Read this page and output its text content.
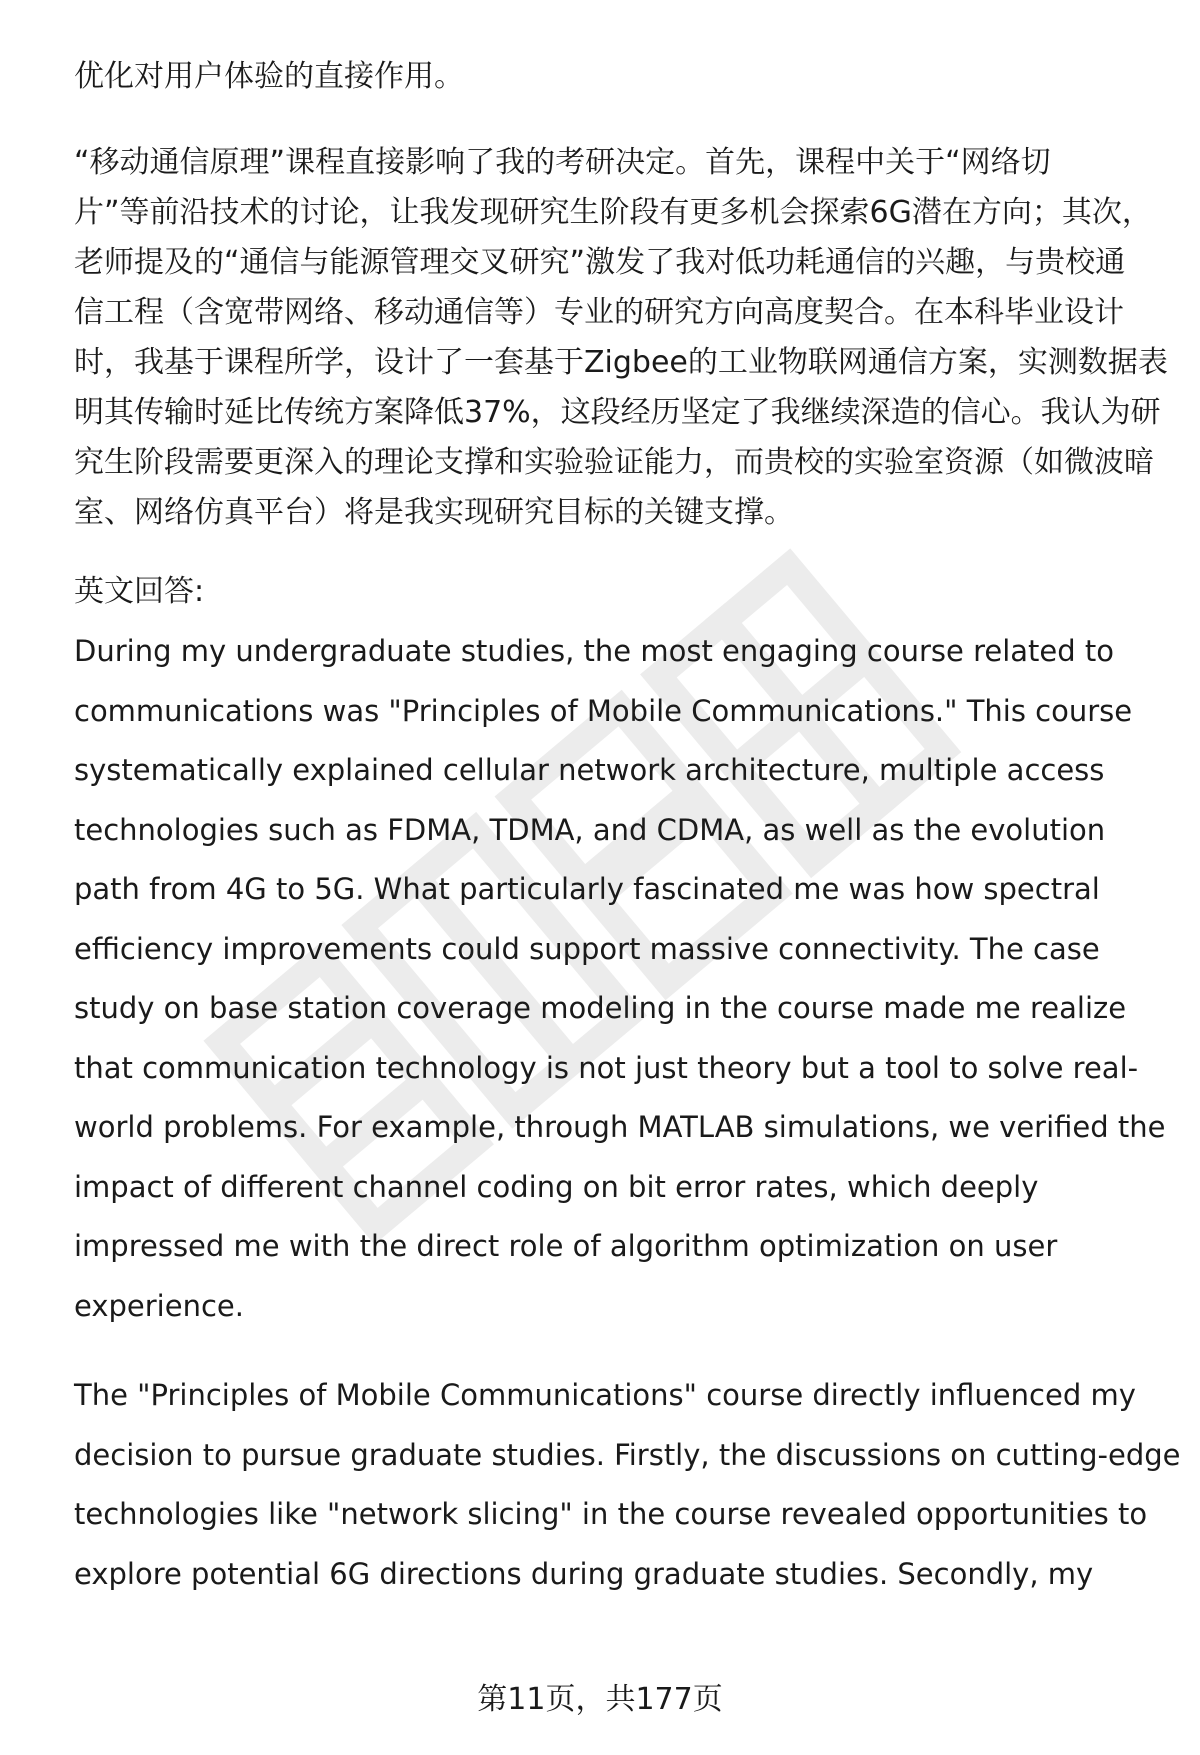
优化对用户体验的直接作用。

“移动通信原理”课程直接影响了我的考研决定。首先，课程中关于“网络切

片”等前沿技术的讨论，让我发现研究生阶段有更多机会探索6G潜在方向；其次，

老师提及的“通信与能源管理交叉研究”激发了我对低功耗通信的兴趣，与贵校通

信工程（含宽带网络、移动通信等）专业的研究方向高度契合。在本科毕业设计

时，我基于课程所学，设计了一套基于Zigbee的工业物联网通信方案，实测数据表

明其传输时延比传统方案降低37%，这段经历坚定了我继续深造的信心。我认为研

究生阶段需要更深入的理论支撑和实验验证能力，而贵校的实验室资源（如微波暗

室、网络仿真平台）将是我实现研究目标的关键支撑。

英文回答:

During my undergraduate studies, the most engaging course related to

communications was "Principles of Mobile Communications." This course

systematically explained cellular network architecture, multiple access

technologies such as FDMA, TDMA, and CDMA, as well as the evolution

path from 4G to 5G. What particularly fascinated me was how spectral

efficiency improvements could support massive connectivity. The case

study on base station coverage modeling in the course made me realize

that communication technology is not just theory but a tool to solve real-

world problems. For example, through MATLAB simulations, we verified the

impact of different channel coding on bit error rates, which deeply

impressed me with the direct role of algorithm optimization on user

experience.

The "Principles of Mobile Communications" course directly influenced my

decision to pursue graduate studies. Firstly, the discussions on cutting-edge

technologies like "network slicing" in the course revealed opportunities to

explore potential 6G directions during graduate studies. Secondly, my

第11页，共177页
